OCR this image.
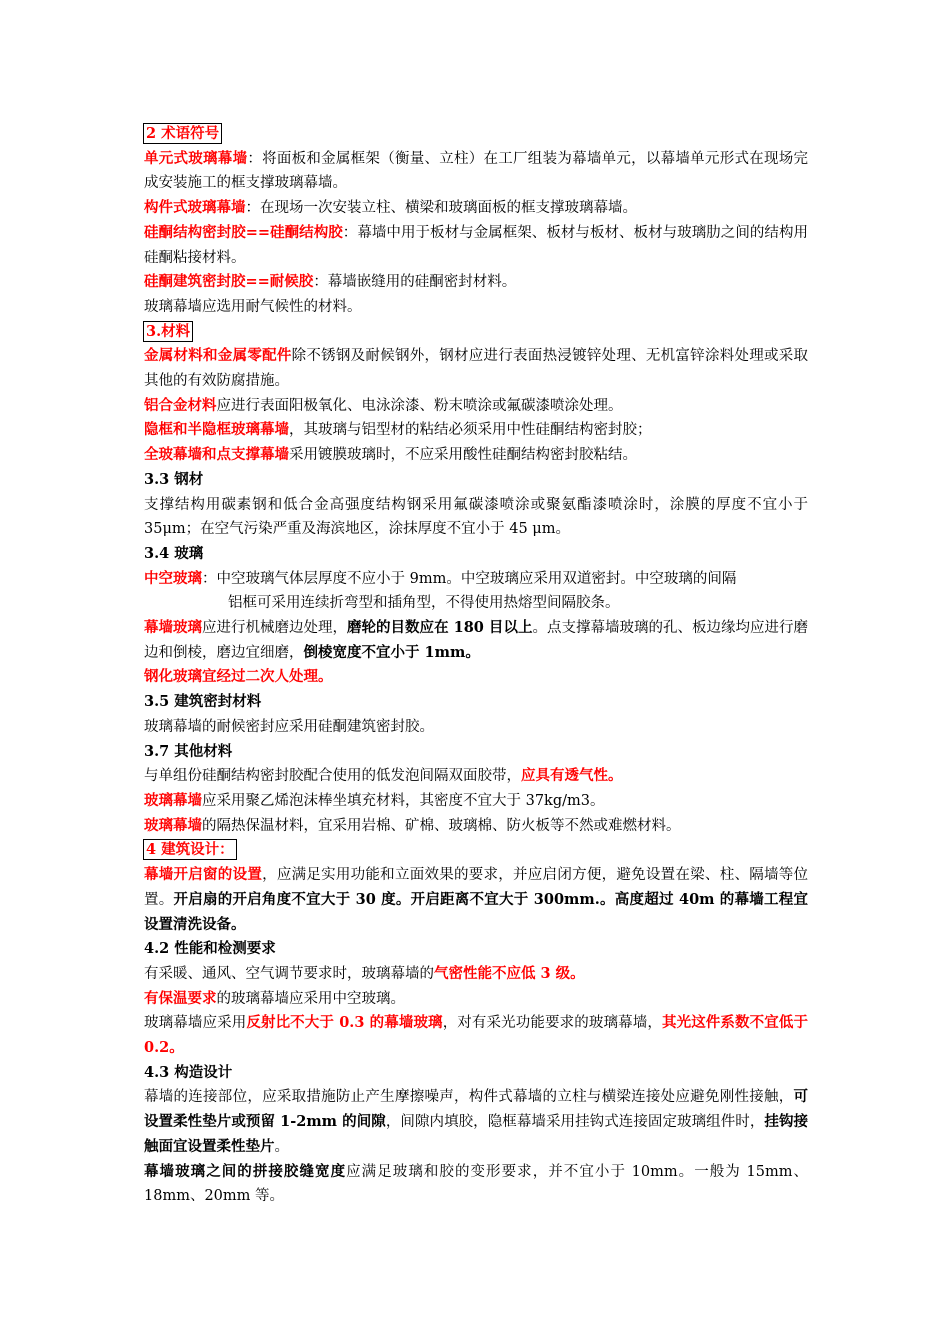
2 术语符号

单元式玻璃幕墙：将面板和金属框架（衡量、立柱）在工厂组装为幕墙单元，以幕墙单元形式在现场完成安装施工的框支撑玻璃幕墙。

构件式玻璃幕墙：在现场一次安装立柱、横梁和玻璃面板的框支撑玻璃幕墙。

硅酮结构密封胶==硅酮结构胶：幕墙中用于板材与金属框架、板材与板材、板材与玻璃肋之间的结构用硅酮粘接材料。

硅酮建筑密封胶==耐候胶：幕墙嵌缝用的硅酮密封材料。

玻璃幕墙应选用耐气候性的材料。

3.材料

金属材料和金属零配件除不锈钢及耐候钢外，钢材应进行表面热浸镀锌处理、无机富锌涂料处理或采取其他的有效防腐措施。

铝合金材料应进行表面阳极氧化、电泳涂漆、粉末喷涂或氟碳漆喷涂处理。

隐框和半隐框玻璃幕墙，其玻璃与铝型材的粘结必须采用中性硅酮结构密封胶；

全玻幕墙和点支撑幕墙采用镀膜玻璃时，不应采用酸性硅酮结构密封胶粘结。

3.3 钢材

支撑结构用碳素钢和低合金高强度结构钢采用氟碳漆喷涂或聚氨酯漆喷涂时，涂膜的厚度不宜小于 35μm；在空气污染严重及海滨地区，涂抹厚度不宜小于 45 μm。

3.4 玻璃

中空玻璃：中空玻璃气体层厚度不应小于 9mm。中空玻璃应采用双道密封。中空玻璃的间隔

铝框可采用连续折弯型和插角型，不得使用热熔型间隔胶条。

幕墙玻璃应进行机械磨边处理，磨轮的目数应在 180 目以上。点支撑幕墙玻璃的孔、板边缘均应进行磨边和倒棱，磨边宜细磨，倒棱宽度不宜小于 1mm。

钢化玻璃宜经过二次人处理。

3.5 建筑密封材料

玻璃幕墙的耐候密封应采用硅酮建筑密封胶。

3.7 其他材料

与单组份硅酮结构密封胶配合使用的低发泡间隔双面胶带，应具有透气性。

玻璃幕墙应采用聚乙烯泡沫棒坐填充材料，其密度不宜大于 37kg/m3。

玻璃幕墙的隔热保温材料，宜采用岩棉、矿棉、玻璃棉、防火板等不然或难燃材料。

4 建筑设计：

幕墙开启窗的设置，应满足实用功能和立面效果的要求，并应启闭方便，避免设置在梁、柱、隔墙等位置。开启扇的开启角度不宜大于 30 度。开启距离不宜大于 300mm.。高度超过 40m 的幕墙工程宜设置清洗设备。

4.2 性能和检测要求

有采暖、通风、空气调节要求时，玻璃幕墙的气密性能不应低 3 级。

有保温要求的玻璃幕墙应采用中空玻璃。

玻璃幕墙应采用反射比不大于 0.3 的幕墙玻璃，对有采光功能要求的玻璃幕墙，其光这件系数不宜低于 0.2。

4.3 构造设计

幕墙的连接部位，应采取措施防止产生摩擦噪声，构件式幕墙的立柱与横梁连接处应避免刚性接触，可设置柔性垫片或预留 1-2mm 的间隙，间隙内填胶，隐框幕墙采用挂钩式连接固定玻璃组件时，挂钩接触面宜设置柔性垫片。

幕墙玻璃之间的拼接胶缝宽度应满足玻璃和胶的变形要求，并不宜小于 10mm。一般为 15mm、18mm、20mm 等。
